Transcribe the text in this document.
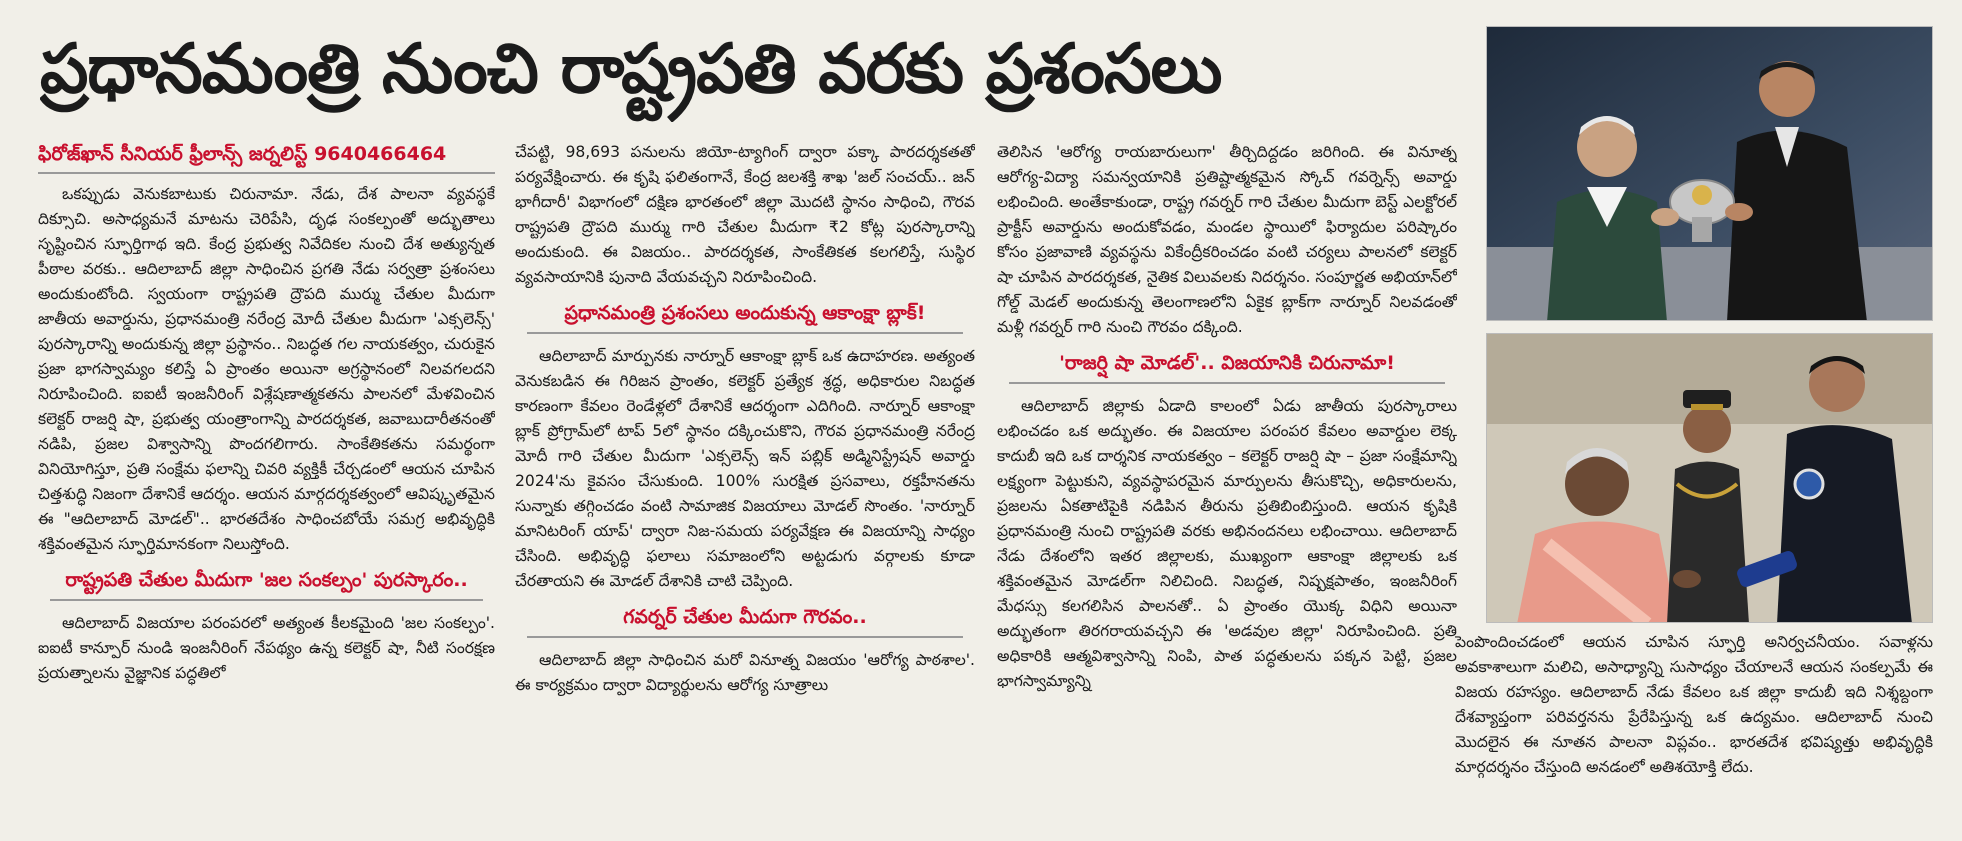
ప్రధానమంత్రి నుంచి రాష్ట్రపతి వరకు ప్రశంసలు
ఫిరోజ్‌ఖాన్ సీనియర్ ఫ్రీలాన్స్ జర్నలిస్ట్ 9640466464

ఒకప్పుడు వెనుకబాటుకు చిరునామా. నేడు, దేశ పాలనా వ్యవస్థకే దిక్సూచి. అసాధ్యమనే మాటను చెరిపేసి, దృఢ సంకల్పంతో అద్భుతాలు సృష్టించిన స్ఫూర్తిగాథ ఇది. కేంద్ర ప్రభుత్వ నివేదికల నుంచి దేశ అత్యున్నత పీఠాల వరకు.. ఆదిలాబాద్ జిల్లా సాధించిన ప్రగతి నేడు సర్వత్రా ప్రశంసలు అందుకుంటోంది. స్వయంగా రాష్ట్రపతి ద్రౌపది ముర్ము చేతుల మీదుగా జాతీయ అవార్డును, ప్రధానమంత్రి నరేంద్ర మోదీ చేతుల మీదుగా 'ఎక్సలెన్స్' పురస్కారాన్ని అందుకున్న జిల్లా ప్రస్థానం.. నిబద్ధత గల నాయకత్వం, చురుకైన ప్రజా భాగస్వామ్యం కలిస్తే ఏ ప్రాంతం అయినా అగ్రస్థానంలో నిలవగలదని నిరూపించింది. ఐఐటీ ఇంజనీరింగ్ విశ్లేషణాత్మకతను పాలనలో మేళవించిన కలెక్టర్ రాజర్షి షా, ప్రభుత్వ యంత్రాంగాన్ని పారదర్శకత, జవాబుదారీతనంతో నడిపి, ప్రజల విశ్వాసాన్ని పొందగలిగారు. సాంకేతికతను సమర్థంగా వినియోగిస్తూ, ప్రతి సంక్షేమ ఫలాన్ని చివరి వ్యక్తికీ చేర్చడంలో ఆయన చూపిన చిత్తశుద్ధి నిజంగా దేశానికే ఆదర్శం. ఆయన మార్గదర్శకత్వంలో ఆవిష్కృతమైన ఈ "ఆదిలాబాద్ మోడల్".. భారతదేశం సాధించబోయే సమగ్ర అభివృద్ధికి శక్తివంతమైన స్ఫూర్తిమానకంగా నిలుస్తోంది.

రాష్ట్రపతి చేతుల మీదుగా 'జల సంకల్పం' పురస్కారం..

ఆదిలాబాద్ విజయాల పరంపరలో అత్యంత కీలకమైంది 'జల సంకల్పం'. ఐఐటీ కాన్పూర్ నుండి ఇంజనీరింగ్ నేపథ్యం ఉన్న కలెక్టర్ షా, నీటి సంరక్షణ ప్రయత్నాలను వైజ్ఞానిక పద్ధతిలో

చేపట్టి, 98,693 పనులను జియో-ట్యాగింగ్ ద్వారా పక్కా పారదర్శకతతో పర్యవేక్షించారు. ఈ కృషి ఫలితంగానే, కేంద్ర జలశక్తి శాఖ 'జల్ సంచయ్.. జన్ భాగీదారీ' విభాగంలో దక్షిణ భారతంలో జిల్లా మొదటి స్థానం సాధించి, గౌరవ రాష్ట్రపతి ద్రౌపది ముర్ము గారి చేతుల మీదుగా ₹2 కోట్ల పురస్కారాన్ని అందుకుంది. ఈ విజయం.. పారదర్శకత, సాంకేతికత కలగలిస్తే, సుస్థిర వ్యవసాయానికి పునాది వేయవచ్చని నిరూపించింది.

ప్రధానమంత్రి ప్రశంసలు అందుకున్న ఆకాంక్షా బ్లాక్!

ఆదిలాబాద్ మార్పునకు నార్నూర్ ఆకాంక్షా బ్లాక్ ఒక ఉదాహరణ. అత్యంత వెనుకబడిన ఈ గిరిజన ప్రాంతం, కలెక్టర్ ప్రత్యేక శ్రద్ధ, అధికారుల నిబద్ధత కారణంగా కేవలం రెండేళ్లలో దేశానికే ఆదర్శంగా ఎదిగింది. నార్నూర్ ఆకాంక్షా బ్లాక్ ప్రోగ్రామ్‌లో టాప్ 5లో స్థానం దక్కించుకొని, గౌరవ ప్రధానమంత్రి నరేంద్ర మోదీ గారి చేతుల మీదుగా 'ఎక్సలెన్స్ ఇన్ పబ్లిక్ అడ్మినిస్ట్రేషన్ అవార్డు 2024'ను కైవసం చేసుకుంది. 100% సురక్షిత ప్రసవాలు, రక్తహీనతను సున్నాకు తగ్గించడం వంటి సామాజిక విజయాలు మోడల్ సొంతం. 'నార్నూర్ మానిటరింగ్ యాప్' ద్వారా నిజ-సమయ పర్యవేక్షణ ఈ విజయాన్ని సాధ్యం చేసింది. అభివృద్ధి ఫలాలు సమాజంలోని అట్టడుగు వర్గాలకు కూడా చేరతాయని ఈ మోడల్ దేశానికి చాటి చెప్పింది.

గవర్నర్ చేతుల మీదుగా గౌరవం..

ఆదిలాబాద్ జిల్లా సాధించిన మరో వినూత్న విజయం 'ఆరోగ్య పాఠశాల'. ఈ కార్యక్రమం ద్వారా విద్యార్థులను ఆరోగ్య సూత్రాలు

తెలిసిన 'ఆరోగ్య రాయబారులుగా' తీర్చిదిద్దడం జరిగింది. ఈ వినూత్న ఆరోగ్య-విద్యా సమన్వయానికి ప్రతిష్టాత్మకమైన స్కోచ్ గవర్నెన్స్ అవార్డు లభించింది. అంతేకాకుండా, రాష్ట్ర గవర్నర్ గారి చేతుల మీదుగా బెస్ట్ ఎలక్టోరల్ ప్రాక్టీస్ అవార్డును అందుకోవడం, మండల స్థాయిలో ఫిర్యాదుల పరిష్కారం కోసం ప్రజావాణి వ్యవస్థను వికేంద్రీకరించడం వంటి చర్యలు పాలనలో కలెక్టర్ షా చూపిన పారదర్శకత, నైతిక విలువలకు నిదర్శనం. సంపూర్ణత అభియాన్‌లో గోల్డ్ మెడల్ అందుకున్న తెలంగాణలోని ఏకైక బ్లాక్‌గా నార్నూర్ నిలవడంతో మళ్లీ గవర్నర్ గారి నుంచి గౌరవం దక్కింది.

'రాజర్షి షా మోడల్'.. విజయానికి చిరునామా!

ఆదిలాబాద్ జిల్లాకు ఏడాది కాలంలో ఏడు జాతీయ పురస్కారాలు లభించడం ఒక అద్భుతం. ఈ విజయాల పరంపర కేవలం అవార్డుల లెక్క కాదుబీ ఇది ఒక దార్శనిక నాయకత్వం – కలెక్టర్ రాజర్షి షా – ప్రజా సంక్షేమాన్ని లక్ష్యంగా పెట్టుకుని, వ్యవస్థాపరమైన మార్పులను తీసుకొచ్చి, అధికారులను, ప్రజలను ఏకతాటిపైకి నడిపిన తీరును ప్రతిబింబిస్తుంది. ఆయన కృషికి ప్రధానమంత్రి నుంచి రాష్ట్రపతి వరకు అభినందనలు లభించాయి. ఆదిలాబాద్ నేడు దేశంలోని ఇతర జిల్లాలకు, ముఖ్యంగా ఆకాంక్షా జిల్లాలకు ఒక శక్తివంతమైన మోడల్‌గా నిలిచింది. నిబద్ధత, నిష్పక్షపాతం, ఇంజనీరింగ్ మేధస్సు కలగలిసిన పాలనతో.. ఏ ప్రాంతం యొక్క విధిని అయినా అద్భుతంగా తిరగరాయవచ్చని ఈ 'అడవుల జిల్లా' నిరూపించింది. ప్రతి అధికారికి ఆత్మవిశ్వాసాన్ని నింపి, పాత పద్ధతులను పక్కన పెట్టి, ప్రజల భాగస్వామ్యాన్ని

పెంపొందించడంలో ఆయన చూపిన స్ఫూర్తి అనిర్వచనీయం. సవాళ్లను అవకాశాలుగా మలిచి, అసాధ్యాన్ని సుసాధ్యం చేయాలనే ఆయన సంకల్పమే ఈ విజయ రహస్యం. ఆదిలాబాద్ నేడు కేవలం ఒక జిల్లా కాదుబీ ఇది నిశ్శబ్దంగా దేశవ్యాప్తంగా పరివర్తనను ప్రేరేపిస్తున్న ఒక ఉద్యమం. ఆదిలాబాద్ నుంచి మొదలైన ఈ నూతన పాలనా విప్లవం.. భారతదేశ భవిష్యత్తు అభివృద్ధికి మార్గదర్శనం చేస్తుంది అనడంలో అతిశయోక్తి లేదు.
